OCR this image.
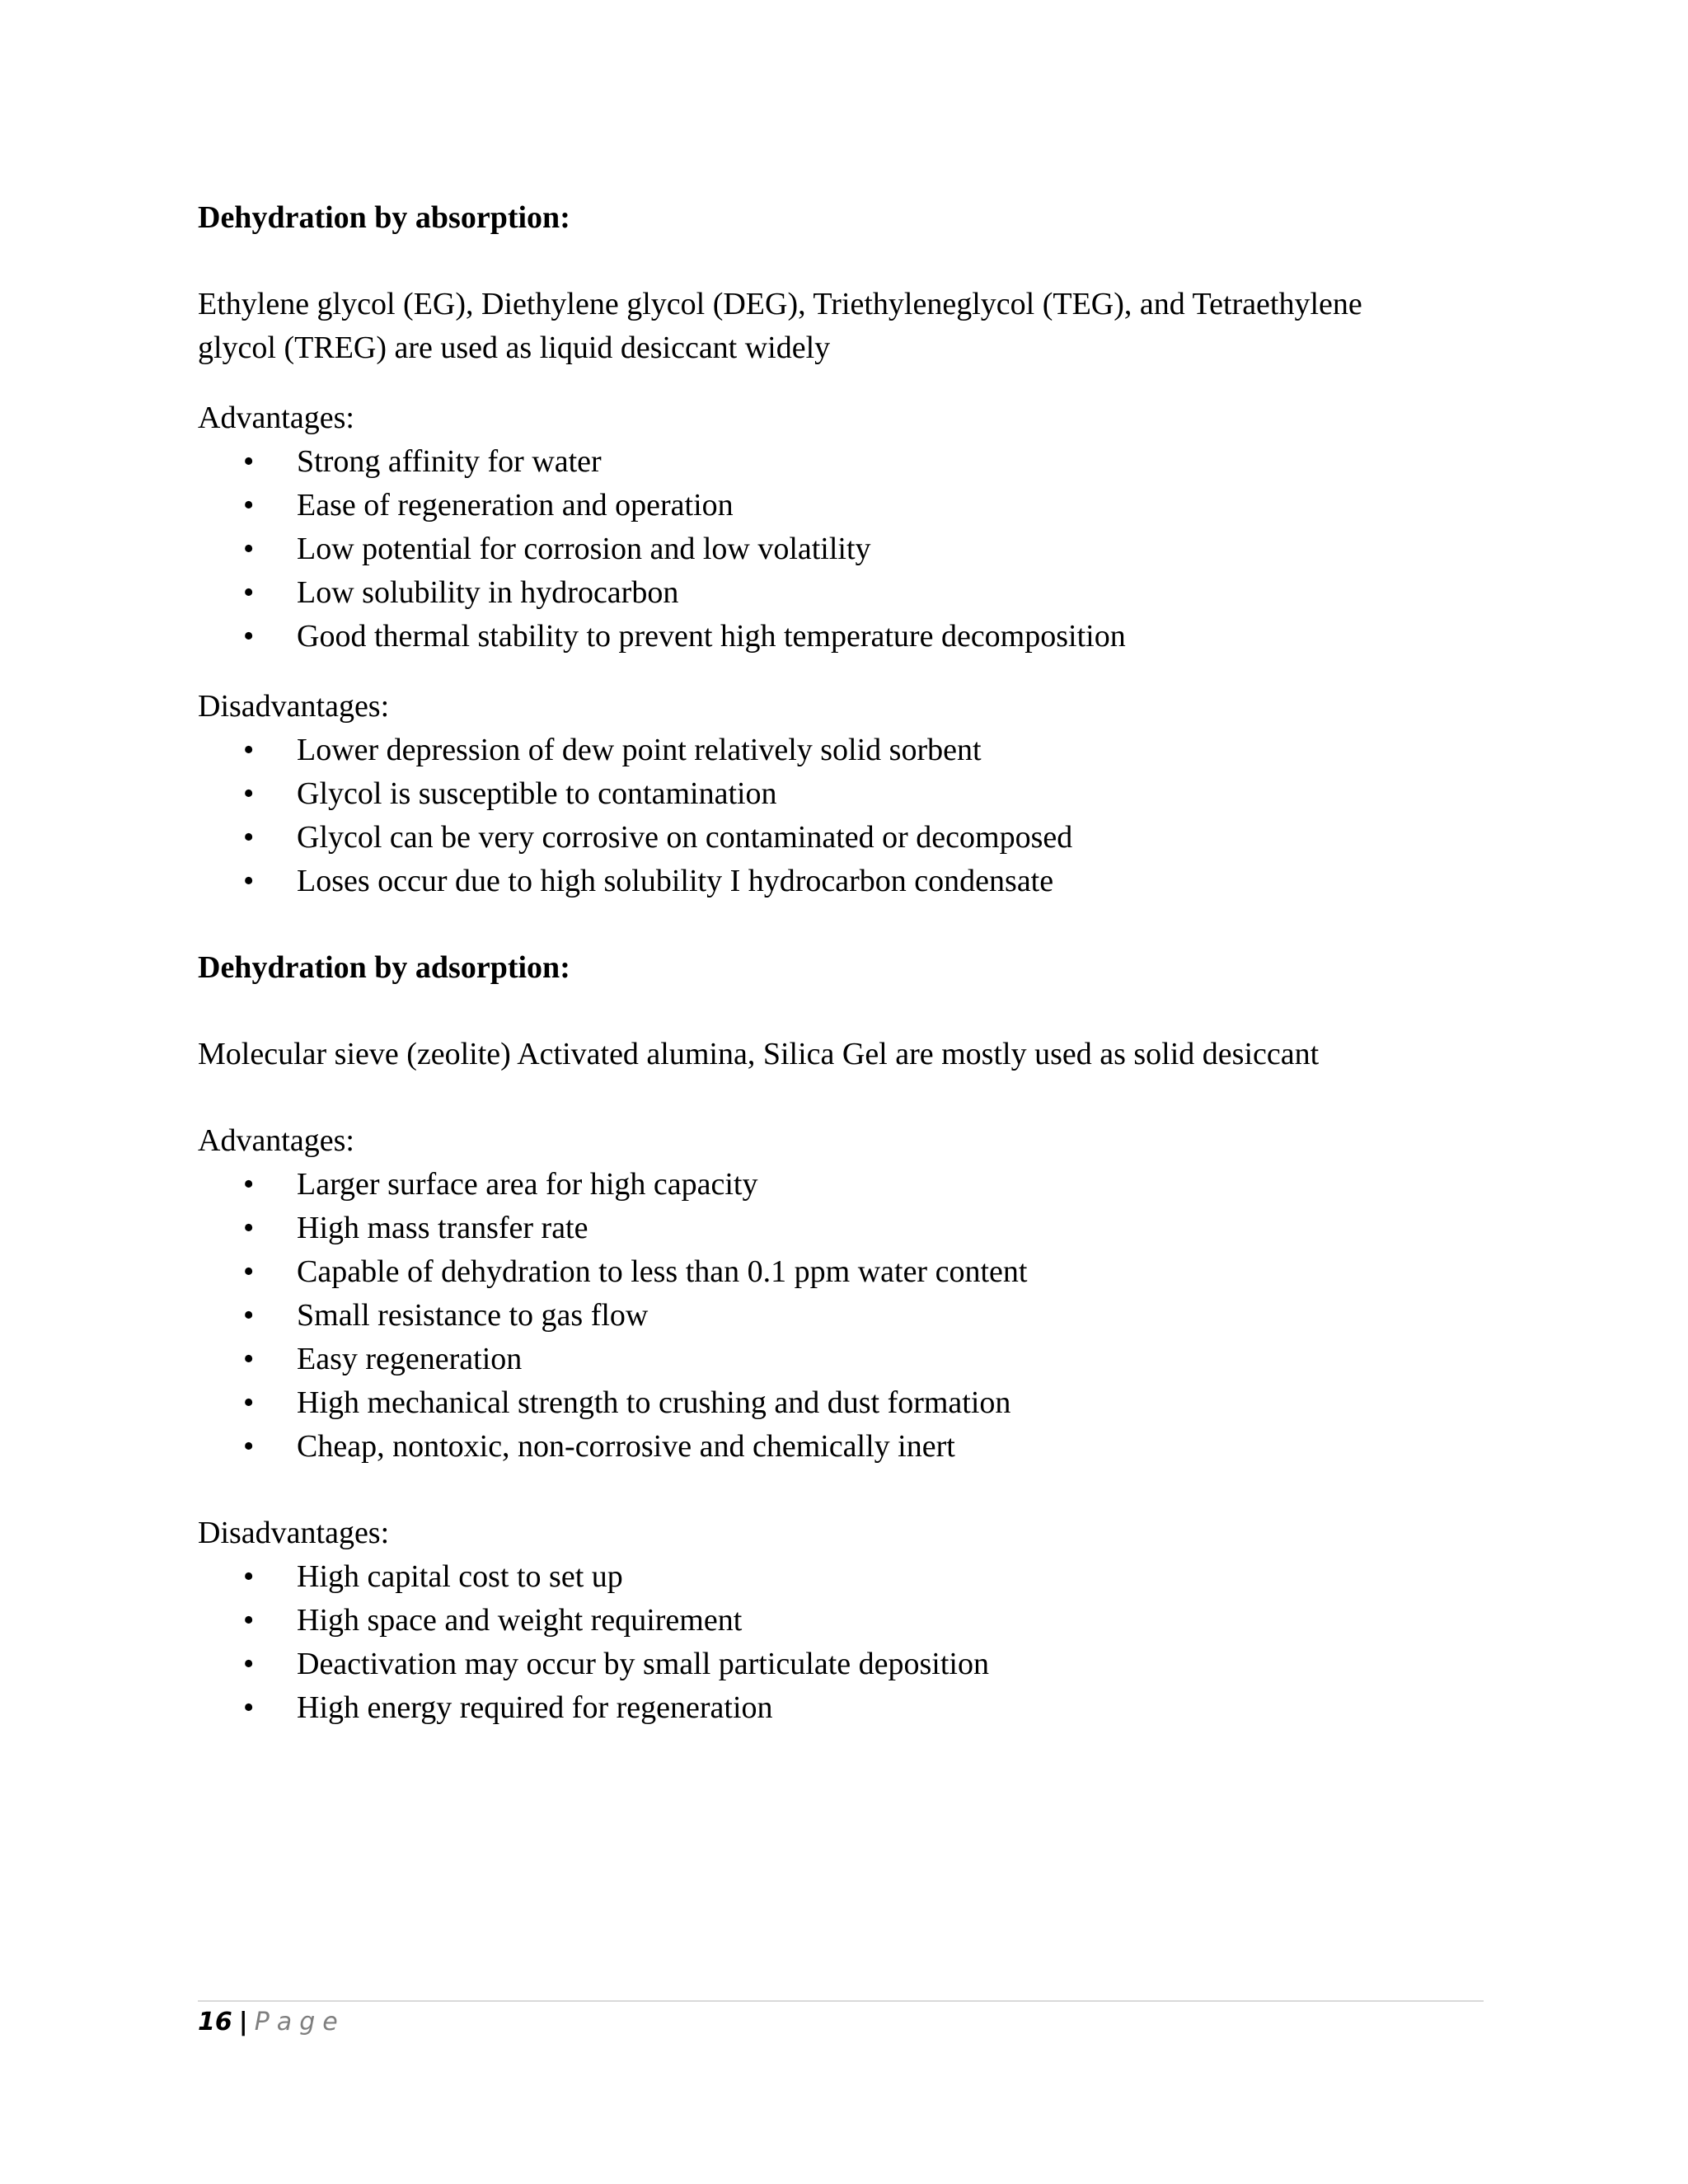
Dehydration by absorption:

Ethylene glycol (EG), Diethylene glycol (DEG), Triethyleneglycol (TEG), and Tetraethylene
glycol (TREG) are used as liquid desiccant widely

Advantages:

• Strong affinity for water
• Ease of regeneration and operation
• Low potential for corrosion and low volatility
• Low solubility in hydrocarbon
• Good thermal stability to prevent high temperature decomposition

Disadvantages:

• Lower depression of dew point relatively solid sorbent
• Glycol is susceptible to contamination
• Glycol can be very corrosive on contaminated or decomposed
• Loses occur due to high solubility I hydrocarbon condensate

Dehydration by adsorption:

Molecular sieve (zeolite) Activated alumina, Silica Gel are mostly used as solid desiccant

Advantages:

• Larger surface area for high capacity
• High mass transfer rate
• Capable of dehydration to less than 0.1 ppm water content
• Small resistance to gas flow
• Easy regeneration
• High mechanical strength to crushing and dust formation
• Cheap, nontoxic, non-corrosive and chemically inert

Disadvantages:

• High capital cost to set up
• High space and weight requirement
• Deactivation may occur by small particulate deposition
• High energy required for regeneration
16 | Page
